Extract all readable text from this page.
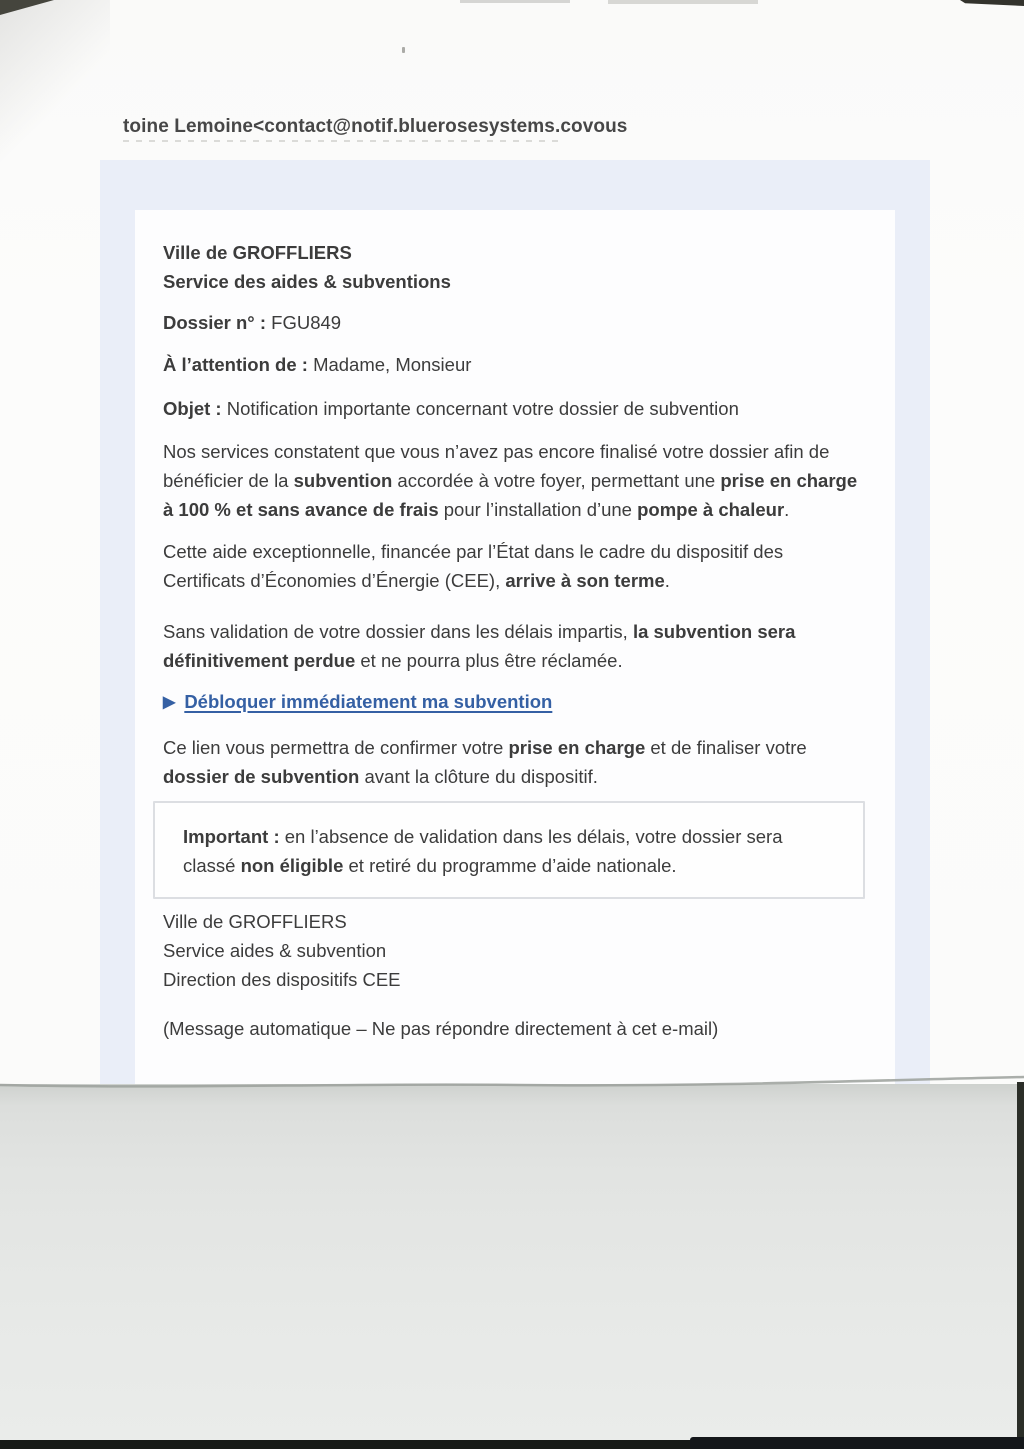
toine Lemoine<contact@notif.bluerosesystems.covous
Ville de GROFFLIERS
Service des aides & subventions
Dossier n° : FGU849
À l’attention de : Madame, Monsieur
Objet : Notification importante concernant votre dossier de subvention
Nos services constatent que vous n’avez pas encore finalisé votre dossier afin de bénéficier de la subvention accordée à votre foyer, permettant une prise en charge à 100 % et sans avance de frais pour l’installation d’une pompe à chaleur.
Cette aide exceptionnelle, financée par l’État dans le cadre du dispositif des Certificats d’Économies d’Énergie (CEE), arrive à son terme.
Sans validation de votre dossier dans les délais impartis, la subvention sera définitivement perdue et ne pourra plus être réclamée.
▶ Débloquer immédiatement ma subvention
Ce lien vous permettra de confirmer votre prise en charge et de finaliser votre dossier de subvention avant la clôture du dispositif.
Important : en l’absence de validation dans les délais, votre dossier sera classé non éligible et retiré du programme d’aide nationale.
Ville de GROFFLIERS
Service aides & subvention
Direction des dispositifs CEE
(Message automatique – Ne pas répondre directement à cet e-mail)
